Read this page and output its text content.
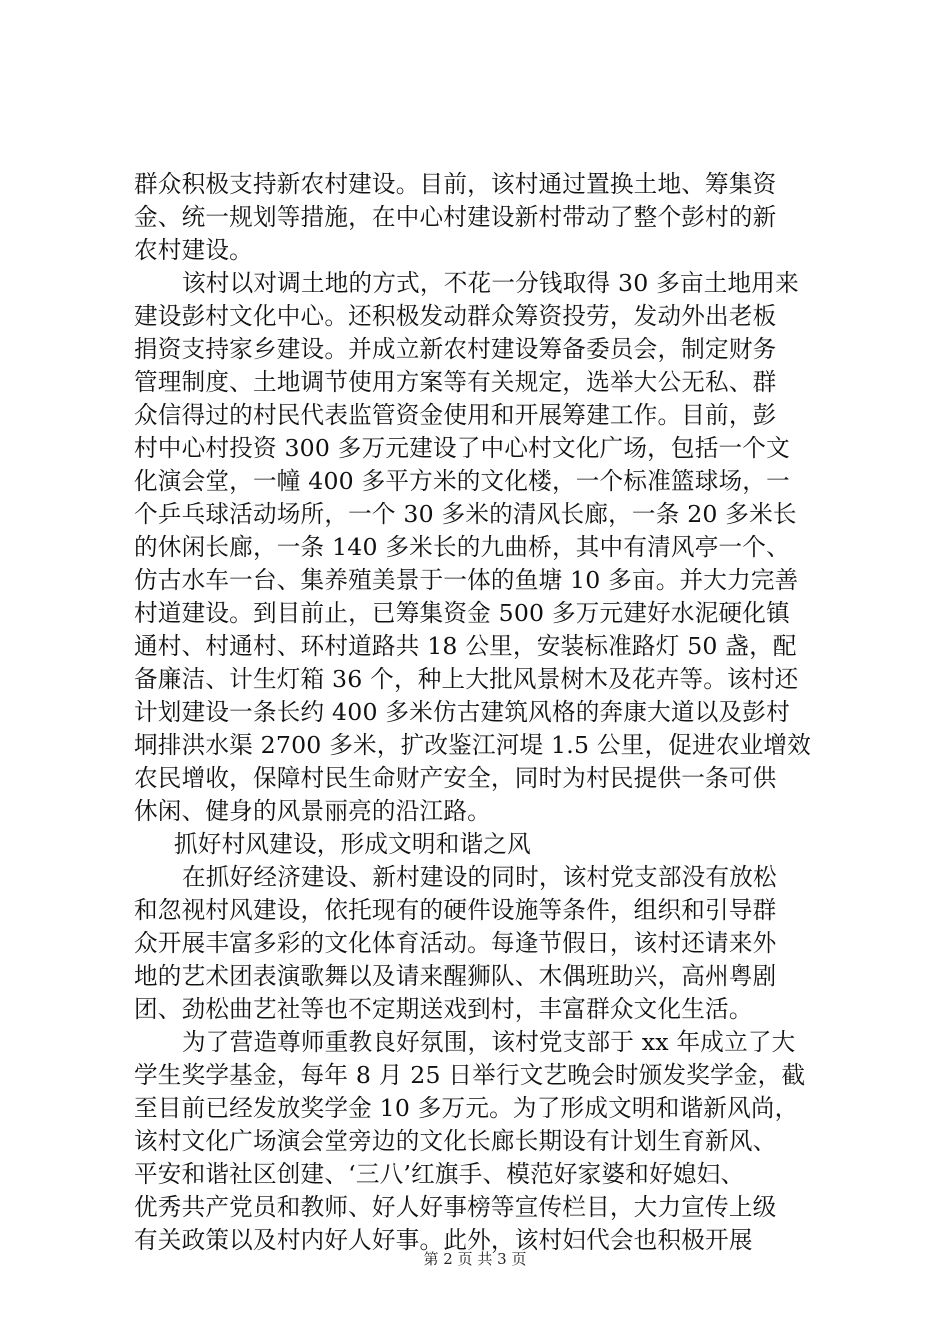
群众积极支持新农村建设。目前，该村通过置换土地、筹集资
金、统一规划等措施，在中心村建设新村带动了整个彭村的新
农村建设。
该村以对调土地的方式，不花一分钱取得 30 多亩土地用来
建设彭村文化中心。还积极发动群众筹资投劳，发动外出老板
捐资支持家乡建设。并成立新农村建设筹备委员会，制定财务
管理制度、土地调节使用方案等有关规定，选举大公无私、群
众信得过的村民代表监管资金使用和开展筹建工作。目前，彭
村中心村投资 300 多万元建设了中心村文化广场，包括一个文
化演会堂，一幢 400 多平方米的文化楼，一个标准篮球场，一
个乒乓球活动场所，一个 30 多米的清风长廊，一条 20 多米长
的休闲长廊，一条 140 多米长的九曲桥，其中有清风亭一个、
仿古水车一台、集养殖美景于一体的鱼塘 10 多亩。并大力完善
村道建设。到目前止，已筹集资金 500 多万元建好水泥硬化镇
通村、村通村、环村道路共 18 公里，安装标准路灯 50 盏，配
备廉洁、计生灯箱 36 个，种上大批风景树木及花卉等。该村还
计划建设一条长约 400 多米仿古建筑风格的奔康大道以及彭村
垌排洪水渠 2700 多米，扩改鉴江河堤 1.5 公里，促进农业增效
农民增收，保障村民生命财产安全，同时为村民提供一条可供
休闲、健身的风景丽亮的沿江路。
抓好村风建设，形成文明和谐之风
在抓好经济建设、新村建设的同时，该村党支部没有放松
和忽视村风建设，依托现有的硬件设施等条件，组织和引导群
众开展丰富多彩的文化体育活动。每逢节假日，该村还请来外
地的艺术团表演歌舞以及请来醒狮队、木偶班助兴，高州粤剧
团、劲松曲艺社等也不定期送戏到村，丰富群众文化生活。
为了营造尊师重教良好氛围，该村党支部于 xx 年成立了大
学生奖学基金，每年 8 月 25 日举行文艺晚会时颁发奖学金，截
至目前已经发放奖学金 10 多万元。为了形成文明和谐新风尚，
该村文化广场演会堂旁边的文化长廊长期设有计划生育新风、
平安和谐社区创建、‘三八’红旗手、模范好家婆和好媳妇、
优秀共产党员和教师、好人好事榜等宣传栏目，大力宣传上级
有关政策以及村内好人好事。此外，该村妇代会也积极开展
第 2 页 共 3 页
